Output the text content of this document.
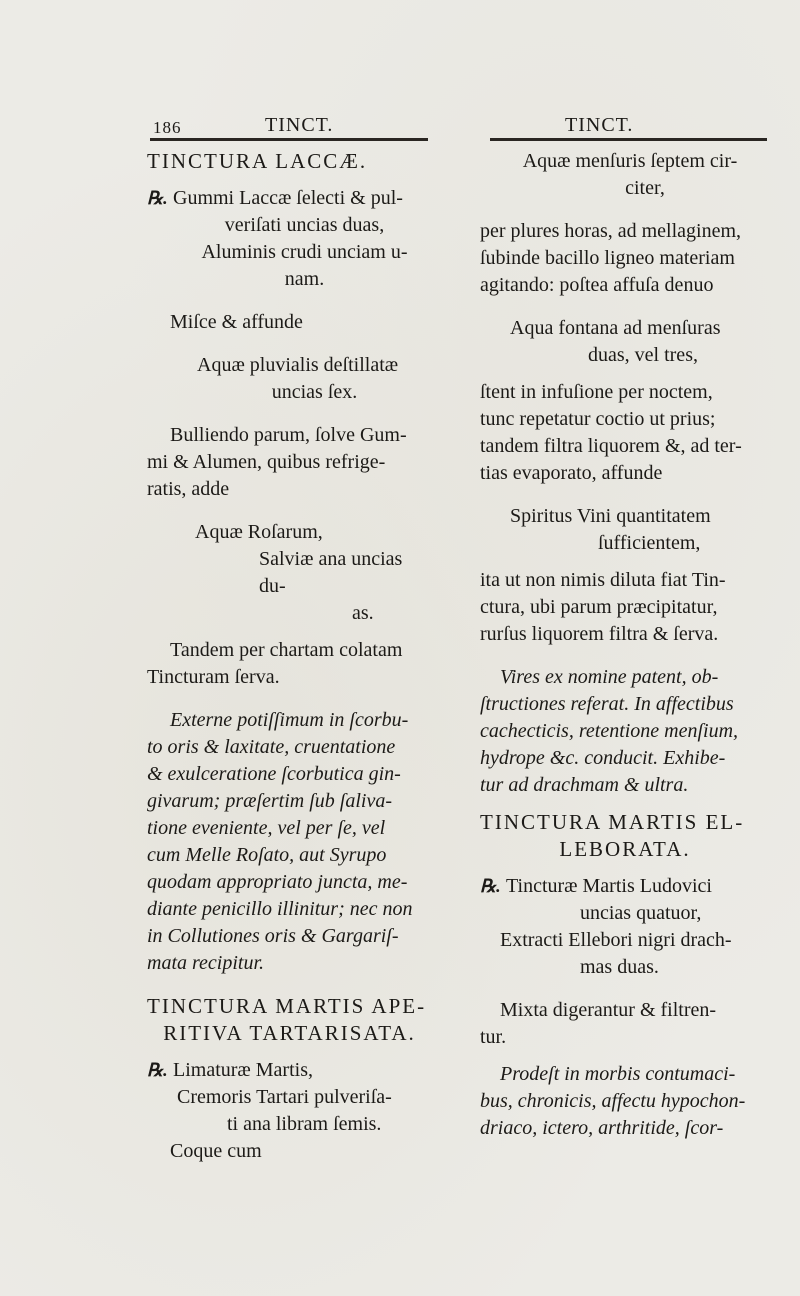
186	TINCT.	TINCT.

TINCTURA LACCÆ.

℞. Gummi Laccæ ſelecti & pul-

veriſati uncias duas,

Aluminis crudi unciam u-

nam.

Miſce & affunde

Aquæ pluvialis deſtillatæ

uncias ſex.

Bulliendo parum, ſolve Gum-

mi & Alumen, quibus refrige-

ratis, adde

Aquæ Roſarum,

Salviæ ana uncias du-

as.

Tandem per chartam colatam

Tincturam ſerva.

Externe potiſſimum in ſcorbu-

to oris & laxitate, cruentatione

& exulceratione ſcorbutica gin-

givarum; præſertim ſub ſaliva-

tione eveniente, vel per ſe, vel

cum Melle Roſato, aut Syrupo

quodam appropriato juncta, me-

diante penicillo illinitur; nec non

in Collutiones oris & Gargariſ-

mata recipitur.

TINCTURA MARTIS APE-

RITIVA TARTARISATA.

℞. Limaturæ Martis,

Cremoris Tartari pulveriſa-

ti ana libram ſemis.

Coque cum

Aquæ menſuris ſeptem cir-

citer,

per plures horas, ad mellaginem,

ſubinde bacillo ligneo materiam

agitando: poſtea affuſa denuo

Aqua fontana ad menſuras

duas, vel tres,

ſtent in infuſione per noctem,

tunc repetatur coctio ut prius;

tandem filtra liquorem &, ad ter-

tias evaporato, affunde

Spiritus Vini quantitatem

ſufficientem,

ita ut non nimis diluta fiat Tin-

ctura, ubi parum præcipitatur,

rurſus liquorem filtra & ſerva.

Vires ex nomine patent, ob-

ſtructiones referat. In affectibus

cachecticis, retentione menſium,

hydrope &c. conducit. Exhibe-

tur ad drachmam & ultra.

TINCTURA MARTIS EL-

LEBORATA.

℞. Tincturæ Martis Ludovici

uncias quatuor,

Extracti Ellebori nigri drach-

mas duas.

Mixta digerantur & filtren-

tur.

Prodeſt in morbis contumaci-

bus, chronicis, affectu hypochon-

driaco, ictero, arthritide, ſcor-
